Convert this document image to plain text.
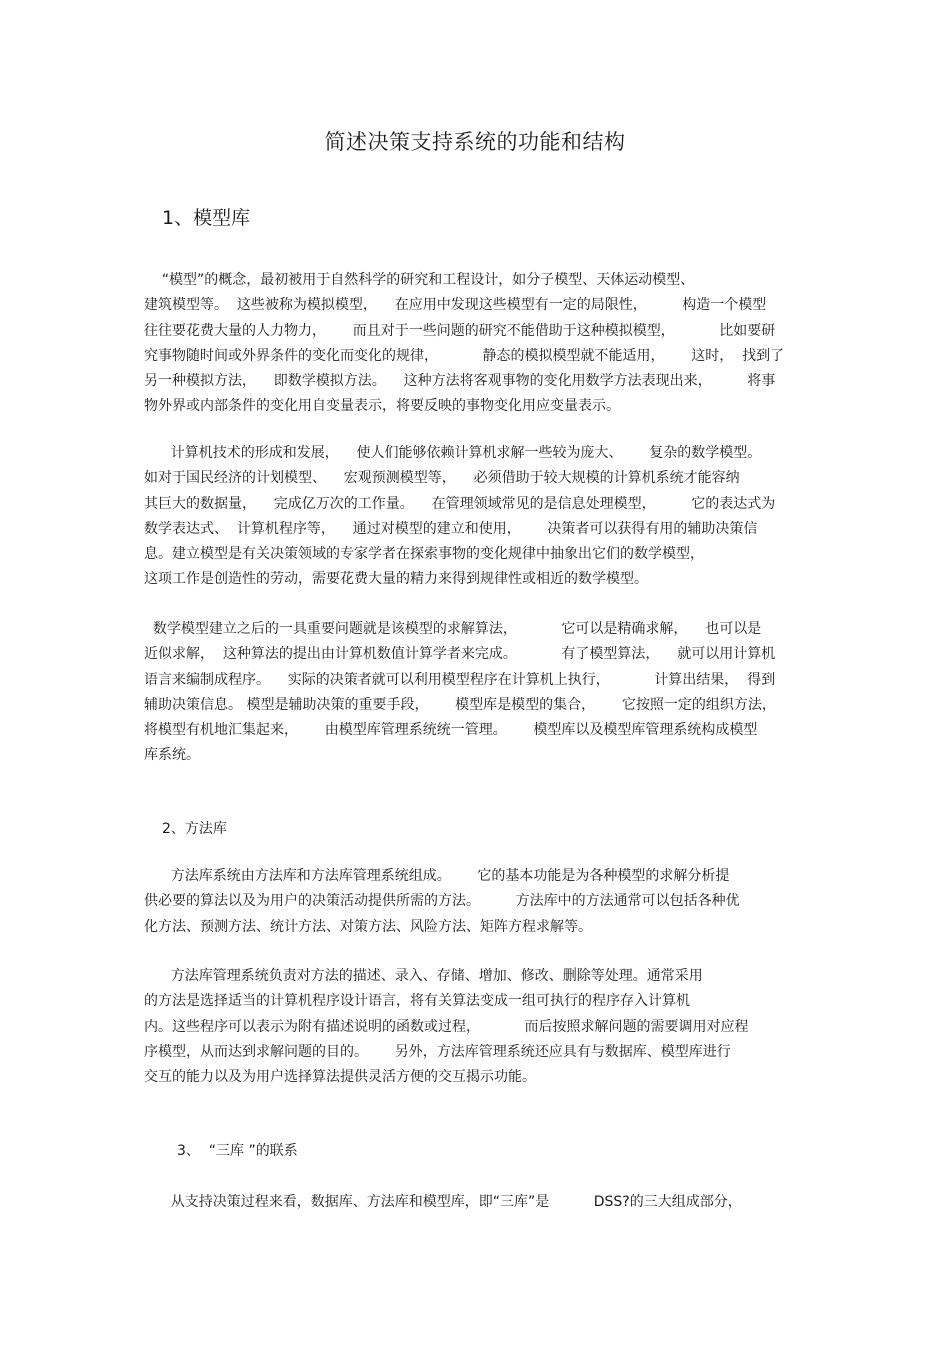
简述决策支持系统的功能和结构
1、模型库
“模型”的概念，最初被用于自然科学的研究和工程设计，如分子模型、天体运动模型、
建筑模型等。  这些被称为模拟模型，    在应用中发现这些模型有一定的局限性，        构造一个模型
往往要花费大量的人力物力，      而且对于一些问题的研究不能借助于这种模拟模型，          比如要研
究事物随时间或外界条件的变化而变化的规律，          静态的模拟模型就不能适用，      这时，  找到了
另一种模拟方法，    即数学模拟方法。    这种方法将客观事物的变化用数学方法表现出来，        将事
物外界或内部条件的变化用自变量表示，将要反映的事物变化用应变量表示。
计算机技术的形成和发展，    使人们能够依赖计算机求解一些较为庞大、      复杂的数学模型。
如对于国民经济的计划模型、    宏观预测模型等，    必须借助于较大规模的计算机系统才能容纳
其巨大的数据量，    完成亿万次的工作量。    在管理领域常见的是信息处理模型，        它的表达式为
数学表达式、  计算机程序等，    通过对模型的建立和使用，      决策者可以获得有用的辅助决策信
息。建立模型是有关决策领域的专家学者在探索事物的变化规律中抽象出它们的数学模型，
这项工作是创造性的劳动，需要花费大量的精力来得到规律性或相近的数学模型。
数学模型建立之后的一具重要问题就是该模型的求解算法，          它可以是精确求解，    也可以是
近似求解，  这种算法的提出由计算机数值计算学者来完成。          有了模型算法，    就可以用计算机
语言来编制成程序。    实际的决策者就可以利用模型程序在计算机上执行，          计算出结果，  得到
辅助决策信息。 模型是辅助决策的重要手段，      模型库是模型的集合，      它按照一定的组织方法，
将模型有机地汇集起来，      由模型库管理系统统一管理。      模型库以及模型库管理系统构成模型
库系统。
2、方法库
方法库系统由方法库和方法库管理系统组成。      它的基本功能是为各种模型的求解分析提
供必要的算法以及为用户的决策活动提供所需的方法。        方法库中的方法通常可以包括各种优
化方法、预测方法、统计方法、对策方法、风险方法、矩阵方程求解等。
方法库管理系统负责对方法的描述、录入、存储、增加、修改、删除等处理。通常采用
的方法是选择适当的计算机程序设计语言，将有关算法变成一组可执行的程序存入计算机
内。这些程序可以表示为附有描述说明的函数或过程，          而后按照求解问题的需要调用对应程
序模型，从而达到求解问题的目的。      另外，方法库管理系统还应具有与数据库、模型库进行
交互的能力以及为用户选择算法提供灵活方便的交互揭示功能。
3、  “三库 ”的联系
从支持决策过程来看，数据库、方法库和模型库，即“三库”是          DSS?的三大组成部分，
